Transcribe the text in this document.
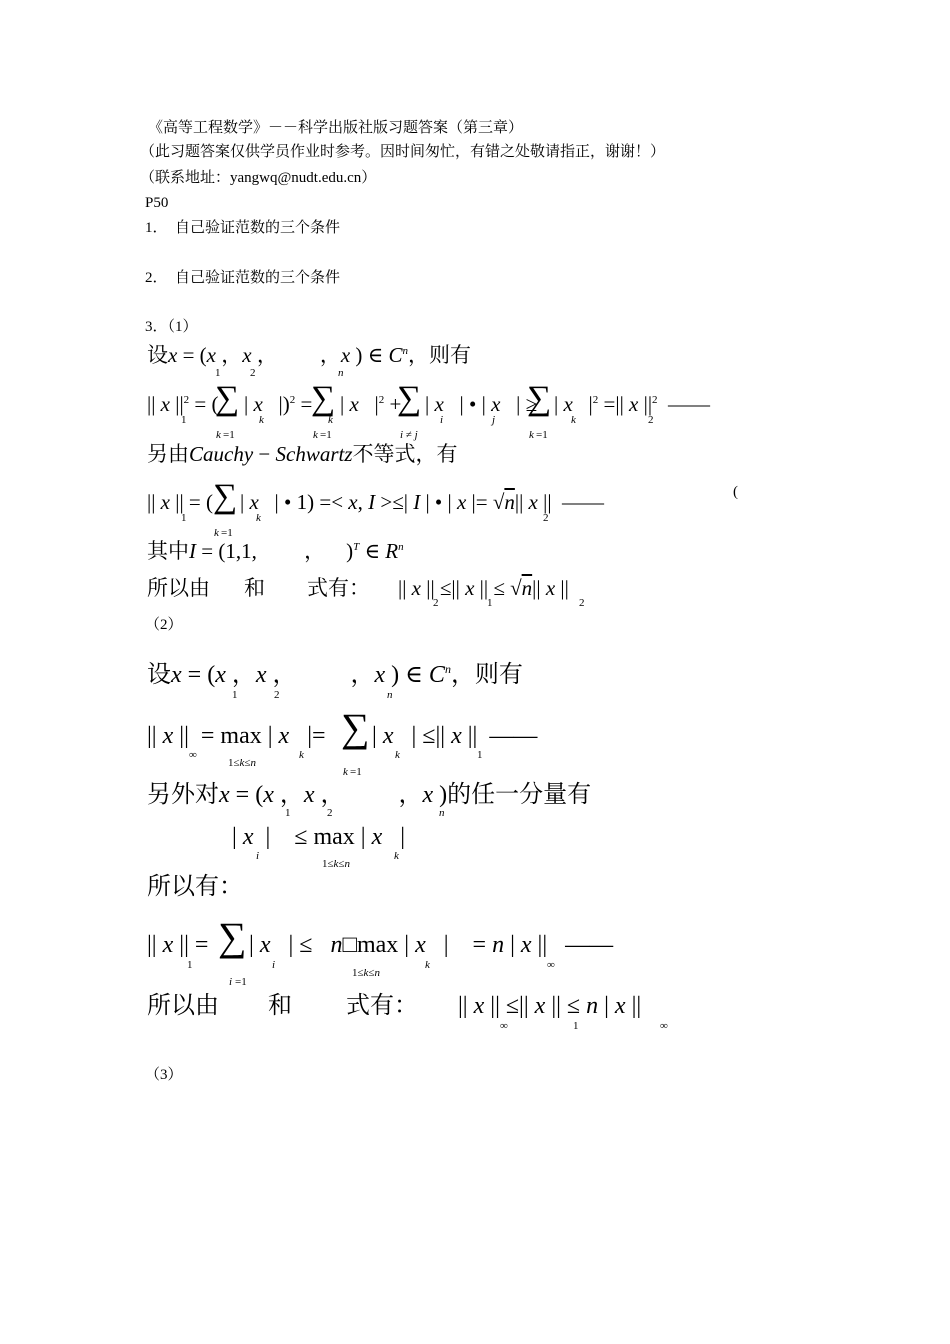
《高等工程数学》－－科学出版社版习题答案（第三章）
（此习题答案仅供学员作业时参考。因时间匆忙，有错之处敬请指正，谢谢！）
（联系地址：yangwq@nudt.edu.cn）
P50
1． 自己验证范数的三个条件
2． 自己验证范数的三个条件
3．（1）
设x = (x ，x ，        ，x ) ∈ $C^n$，则有
1	2	n
|| x $||^2$ = (
∑ | x   |)$^2$ =
∑ | x   $|^2$ +
∑ | x   | • | x   | ≥
∑ | x   $|^2$ =|| x $||^2$  ——
1	k	k	i	j	k	2
k =1	k =1	i ≠ j	k =1
另由Cauchy − Schwartz不等式，有
|| x || = ( ∑ | x   | • 1) =< x, I >≤| I | • | x |= √n|| x ||  ——
1	k	2
k =1
(
其中I = (1,1,         ，    )$^T$ ∈ $R^n$
所以由 和 式有： || x || ≤|| x || ≤ √n|| x ||
2	1	2
（2）
设x = (x ，x ，         ，x ) ∈ $C^n$，则有
1	2	n
|| x ||  = max | x   |= ∑ | x   | ≤|| x ||  ——
∞	k	k	1
1≤k≤n
k =1
另外对x = (x ，x ，         ，x )的任一分量有
1	2	n
| x  |    ≤ max | x   |
i	k
1≤k≤n
所以有：
|| x || = ∑ | x   | ≤   n□max | x   |    = n | x ||   ——
1	i	k	∞
1≤k≤n
i =1
所以由 和 式有： || x || ≤|| x || ≤ n | x ||
∞	1	∞
（3）
